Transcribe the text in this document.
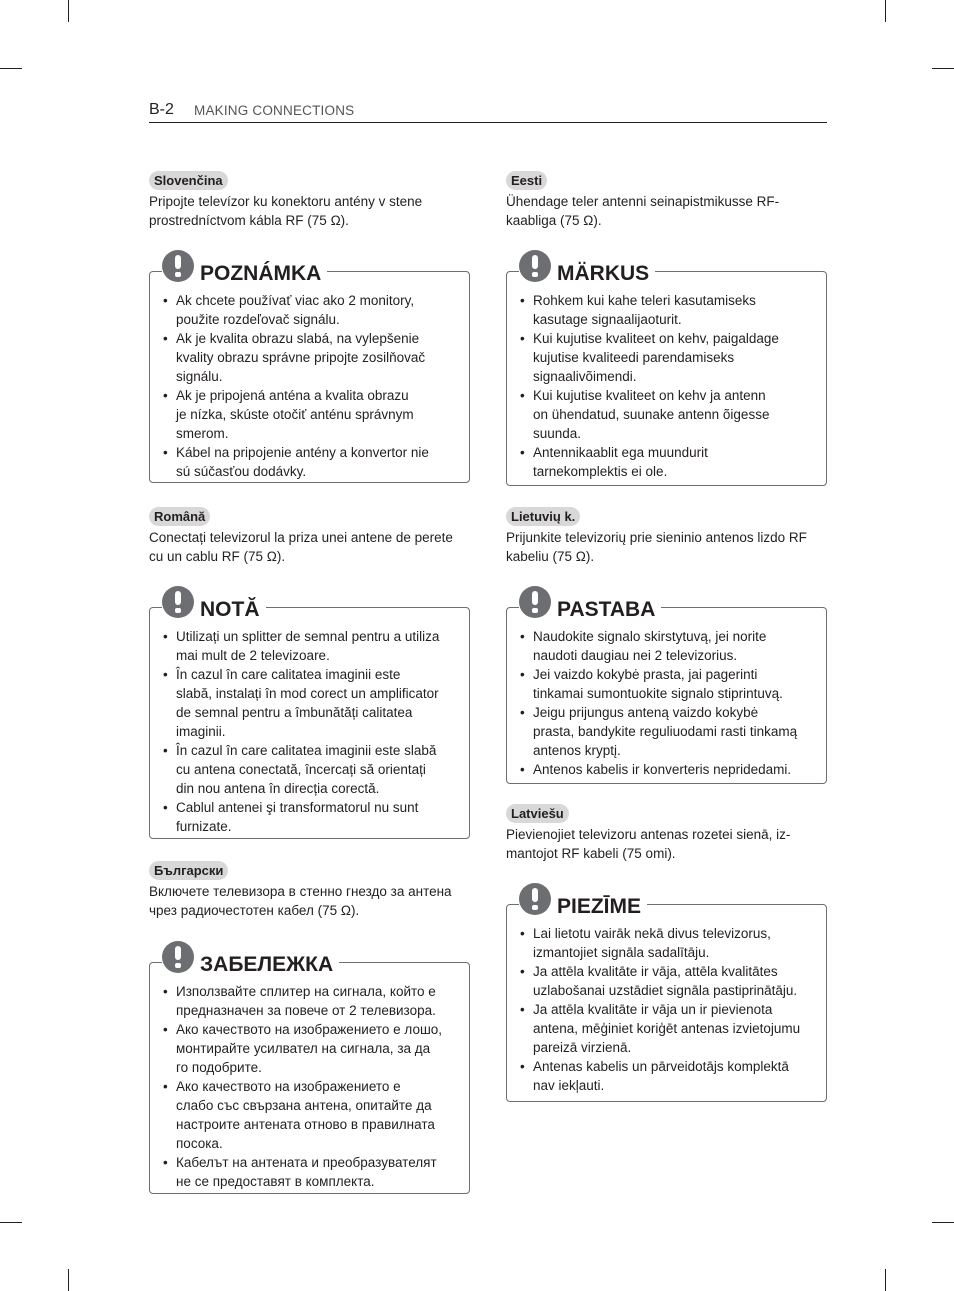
B-2 MAKING CONNECTIONS
Slovenčina
Pripojte televízor ku konektoru antény v stene
prostredníctvom kábla RF (75 Ω).
POZNÁMKA
• Ak chcete používať viac ako 2 monitory,
použite rozdeľovač signálu.
• Ak je kvalita obrazu slabá, na vylepšenie
kvality obrazu správne pripojte zosilňovač
signálu.
• Ak je pripojená anténa a kvalita obrazu
je nízka, skúste otočiť anténu správnym
smerom.
• Kábel na pripojenie antény a konvertor nie
sú súčasťou dodávky.
Română
Conectați televizorul la priza unei antene de perete
cu un cablu RF (75 Ω).
NOTĂ
• Utilizați un splitter de semnal pentru a utiliza
mai mult de 2 televizoare.
• În cazul în care calitatea imaginii este
slabă, instalați în mod corect un amplificator
de semnal pentru a îmbunătăți calitatea
imaginii.
• În cazul în care calitatea imaginii este slabă
cu antena conectată, încercați să orientați
din nou antena în direcția corectă.
• Cablul antenei şi transformatorul nu sunt
furnizate.
Български
Включете телевизора в стенно гнездо за антена
чрез радиочестотен кабел (75 Ω).
ЗАБЕЛЕЖКА
• Използвайте сплитер на сигнала, който е
предназначен за повече от 2 телевизора.
• Ако качеството на изображението е лошо,
монтирайте усилвател на сигнала, за да
го подобрите.
• Ако качеството на изображението е
слабо със свързана антена, опитайте да
настроите антената отново в правилната
посока.
• Кабелът на антената и преобразувателят
не се предоставят в комплекта.
Eesti
Ühendage teler antenni seinapistmikusse RF-
kaabliga (75 Ω).
MÄRKUS
• Rohkem kui kahe teleri kasutamiseks
kasutage signaalijaoturit.
• Kui kujutise kvaliteet on kehv, paigaldage
kujutise kvaliteedi parendamiseks
signaalivõimendi.
• Kui kujutise kvaliteet on kehv ja antenn
on ühendatud, suunake antenn õigesse
suunda.
• Antennikaablit ega muundurit
tarnekomplektis ei ole.
Lietuvių k.
Prijunkite televizorių prie sieninio antenos lizdo RF
kabeliu (75 Ω).
PASTABA
• Naudokite signalo skirstytuvą, jei norite
naudoti daugiau nei 2 televizorius.
• Jei vaizdo kokybė prasta, jai pagerinti
tinkamai sumontuokite signalo stiprintuvą.
• Jeigu prijungus anteną vaizdo kokybė
prasta, bandykite reguliuodami rasti tinkamą
antenos kryptį.
• Antenos kabelis ir konverteris nepridedami.
Latviešu
Pievienojiet televizoru antenas rozetei sienā, iz-
mantojot RF kabeli (75 omi).
PIEZĪME
• Lai lietotu vairāk nekā divus televizorus,
izmantojiet signāla sadalītāju.
• Ja attēla kvalitāte ir vāja, attēla kvalitātes
uzlabošanai uzstādiet signāla pastiprinātāju.
• Ja attēla kvalitāte ir vāja un ir pievienota
antena, mēģiniet koriģēt antenas izvietojumu
pareizā virzienā.
• Antenas kabelis un pārveidotājs komplektā
nav iekļauti.
